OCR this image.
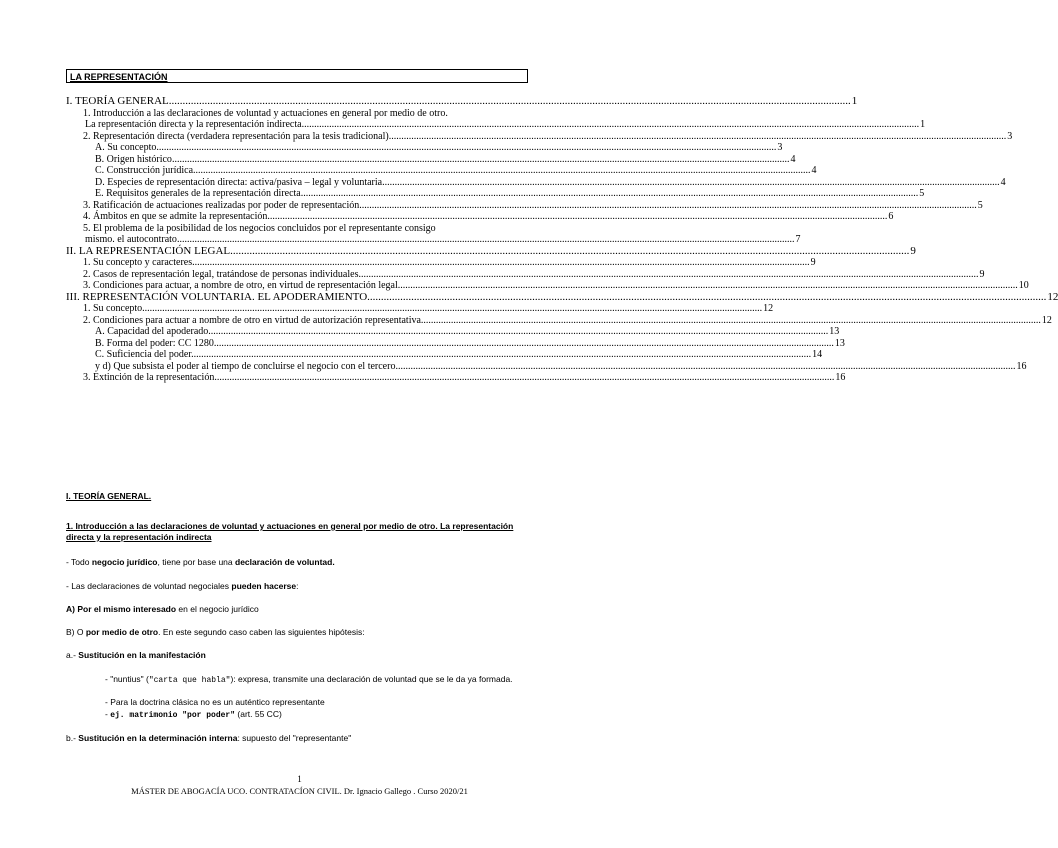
LA REPRESENTACIÓN
I. TEORÍA GENERAL. .....	1
1. Introducción a las declaraciones de voluntad y actuaciones en general por medio de otro.
La representación directa y la representación indirecta .....	1
2. Representación directa (verdadera representación para la tesis tradicional) .....	3
A. Su concepto. .....	3
B. Origen histórico .....	4
C. Construcción jurídica .....	4
D. Especies de representación directa: activa/pasiva – legal y voluntaria .....	4
E. Requisitos generales de la representación directa .....	5
3. Ratificación de actuaciones realizadas por poder de representación .....	5
4. Ámbitos en que se admite la representación. .....	6
5. El problema de la posibilidad de los negocios concluidos por el representante consigo
mismo. el autocontrato .....	7
II. LA REPRESENTACIÓN LEGAL .....	9
1. Su concepto y caracteres .....	9
2. Casos de representación legal, tratándose de personas individuales. .....	9
3. Condiciones para actuar, a nombre de otro, en virtud de representación legal. .....	10
III. REPRESENTACIÓN VOLUNTARIA. EL APODERAMIENTO .....	12
1. Su concepto. .....	12
2. Condiciones para actuar a nombre de otro en virtud de autorización representativa. .....	12
A. Capacidad del apoderado. .....	13
B. Forma del poder: CC 1280. .....	13
C. Suficiencia del poder. .....	14
y d) Que subsista el poder al tiempo de concluirse el negocio con el tercero. .....	16
3. Extinción de la representación. .....	16
I. TEORÍA GENERAL.
1. Introducción a las declaraciones de voluntad y actuaciones en general por medio de otro. La representación directa y la representación indirecta
- Todo negocio jurídico, tiene por base una declaración de voluntad.
- Las declaraciones de voluntad negociales pueden hacerse:
A) Por el mismo interesado en el negocio jurídico
B) O por medio de otro. En este segundo caso caben las siguientes hipótesis:
a.- Sustitución en la manifestación
- "nuntius" ("carta que habla"): expresa, transmite una declaración de voluntad que se le da ya formada.
- Para la doctrina clásica no es un auténtico representante
- ej. matrimonio "por poder" (art. 55 CC)
b.- Sustitución en la determinación interna: supuesto del "representante"
1
MÁSTER DE ABOGACÍA UCO. CONTRATACÍON CIVIL. Dr. Ignacio Gallego . Curso 2020/21
